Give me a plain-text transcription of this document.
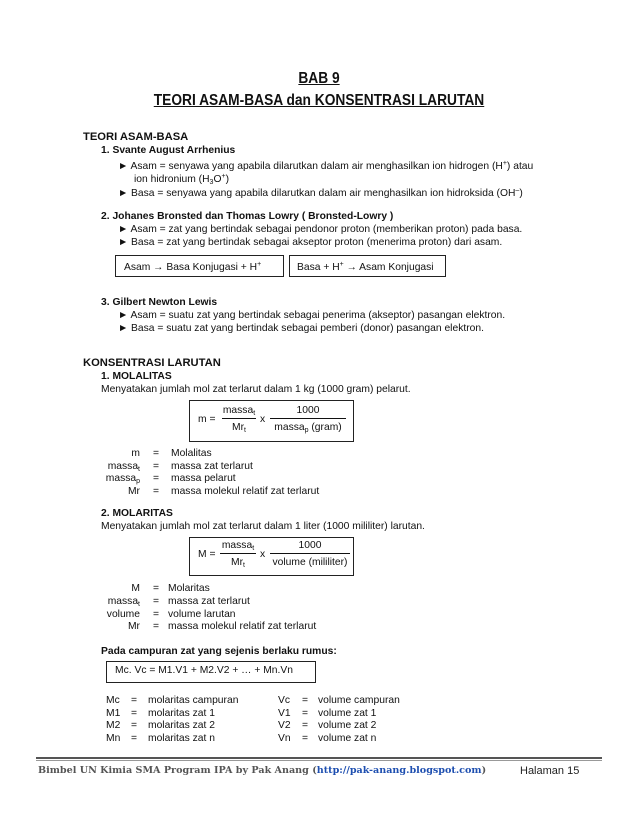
BAB 9
TEORI ASAM-BASA dan KONSENTRASI LARUTAN
TEORI ASAM-BASA
1. Svante August Arrhenius
► Asam = senyawa yang apabila dilarutkan dalam air menghasilkan ion hidrogen (H+) atau
ion hidronium $(H_3O^+)$
► Basa = senyawa yang apabila dilarutkan dalam air menghasilkan ion hidroksida (OH–)
2. Johanes Bronsted dan Thomas Lowry ( Bronsted-Lowry )
► Asam = zat yang bertindak sebagai pendonor proton (memberikan proton) pada basa.
► Basa = zat yang bertindak sebagai akseptor proton (menerima proton) dari asam.
Asam → Basa Konjugasi + H+	Basa + H+ → Asam Konjugasi
3. Gilbert Newton Lewis
► Asam = suatu zat yang bertindak sebagai penerima (akseptor) pasangan elektron.
► Basa = suatu zat yang bertindak sebagai pemberi (donor) pasangan elektron.
KONSENTRASI LARUTAN
1. MOLALITAS
Menyatakan jumlah mol zat terlarut dalam 1 kg (1000 gram) pelarut.
m =
massa$_t$
$Mr_t$
x
1000
massa$_p$ (gram)
m = Molalitas
massa$_t$ = massa zat terlarut
massa$_p$ = massa pelarut
Mr = massa molekul relatif zat terlarut
2. MOLARITAS
Menyatakan jumlah mol zat terlarut dalam 1 liter (1000 mililiter) larutan.
M =
massa$_t$
$Mr_t$
x
1000
volume (mililiter)
M = Molaritas
massa$_t$ = massa zat terlarut
volume = volume larutan
Mr = massa molekul relatif zat terlarut
Pada campuran zat yang sejenis berlaku rumus:
Mc. Vc = M1.V1 + M2.V2 + … + Mn.Vn
Mc = molaritas campuran
M1 = molaritas zat 1
M2 = molaritas zat 2
Mn = molaritas zat n
Vc = volume campuran
V1 = volume zat 1
V2 = volume zat 2
Vn = volume zat n
Bimbel UN Kimia SMA Program IPA by Pak Anang (http://pak-anang.blogspot.com)	Halaman 15
